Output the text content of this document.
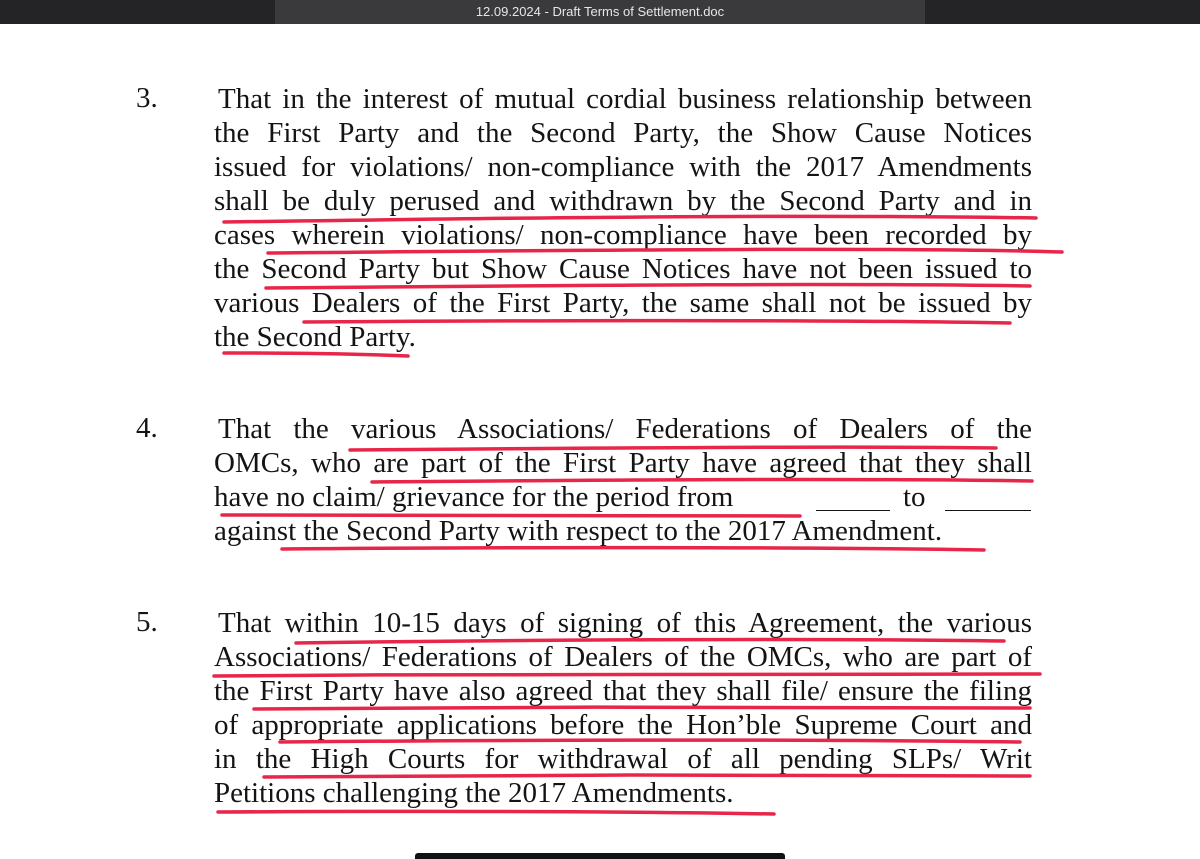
12.09.2024 - Draft Terms of Settlement.doc
3. That in the interest of mutual cordial business relationship between
the First Party and the Second Party, the Show Cause Notices
issued for violations/ non-compliance with the 2017 Amendments
shall be duly perused and withdrawn by the Second Party and in
cases wherein violations/ non-compliance have been recorded by
the Second Party but Show Cause Notices have not been issued to
various Dealers of the First Party, the same shall not be issued by
the Second Party.
4. That the various Associations/ Federations of Dealers of the
OMCs, who are part of the First Party have agreed that they shall
have no claim/ grievance for the period from	to
against the Second Party with respect to the 2017 Amendment.
5. That within 10-15 days of signing of this Agreement, the various
Associations/ Federations of Dealers of the OMCs, who are part of
the First Party have also agreed that they shall file/ ensure the filing
of appropriate applications before the Hon’ble Supreme Court and
in the High Courts for withdrawal of all pending SLPs/ Writ
Petitions challenging the 2017 Amendments.
